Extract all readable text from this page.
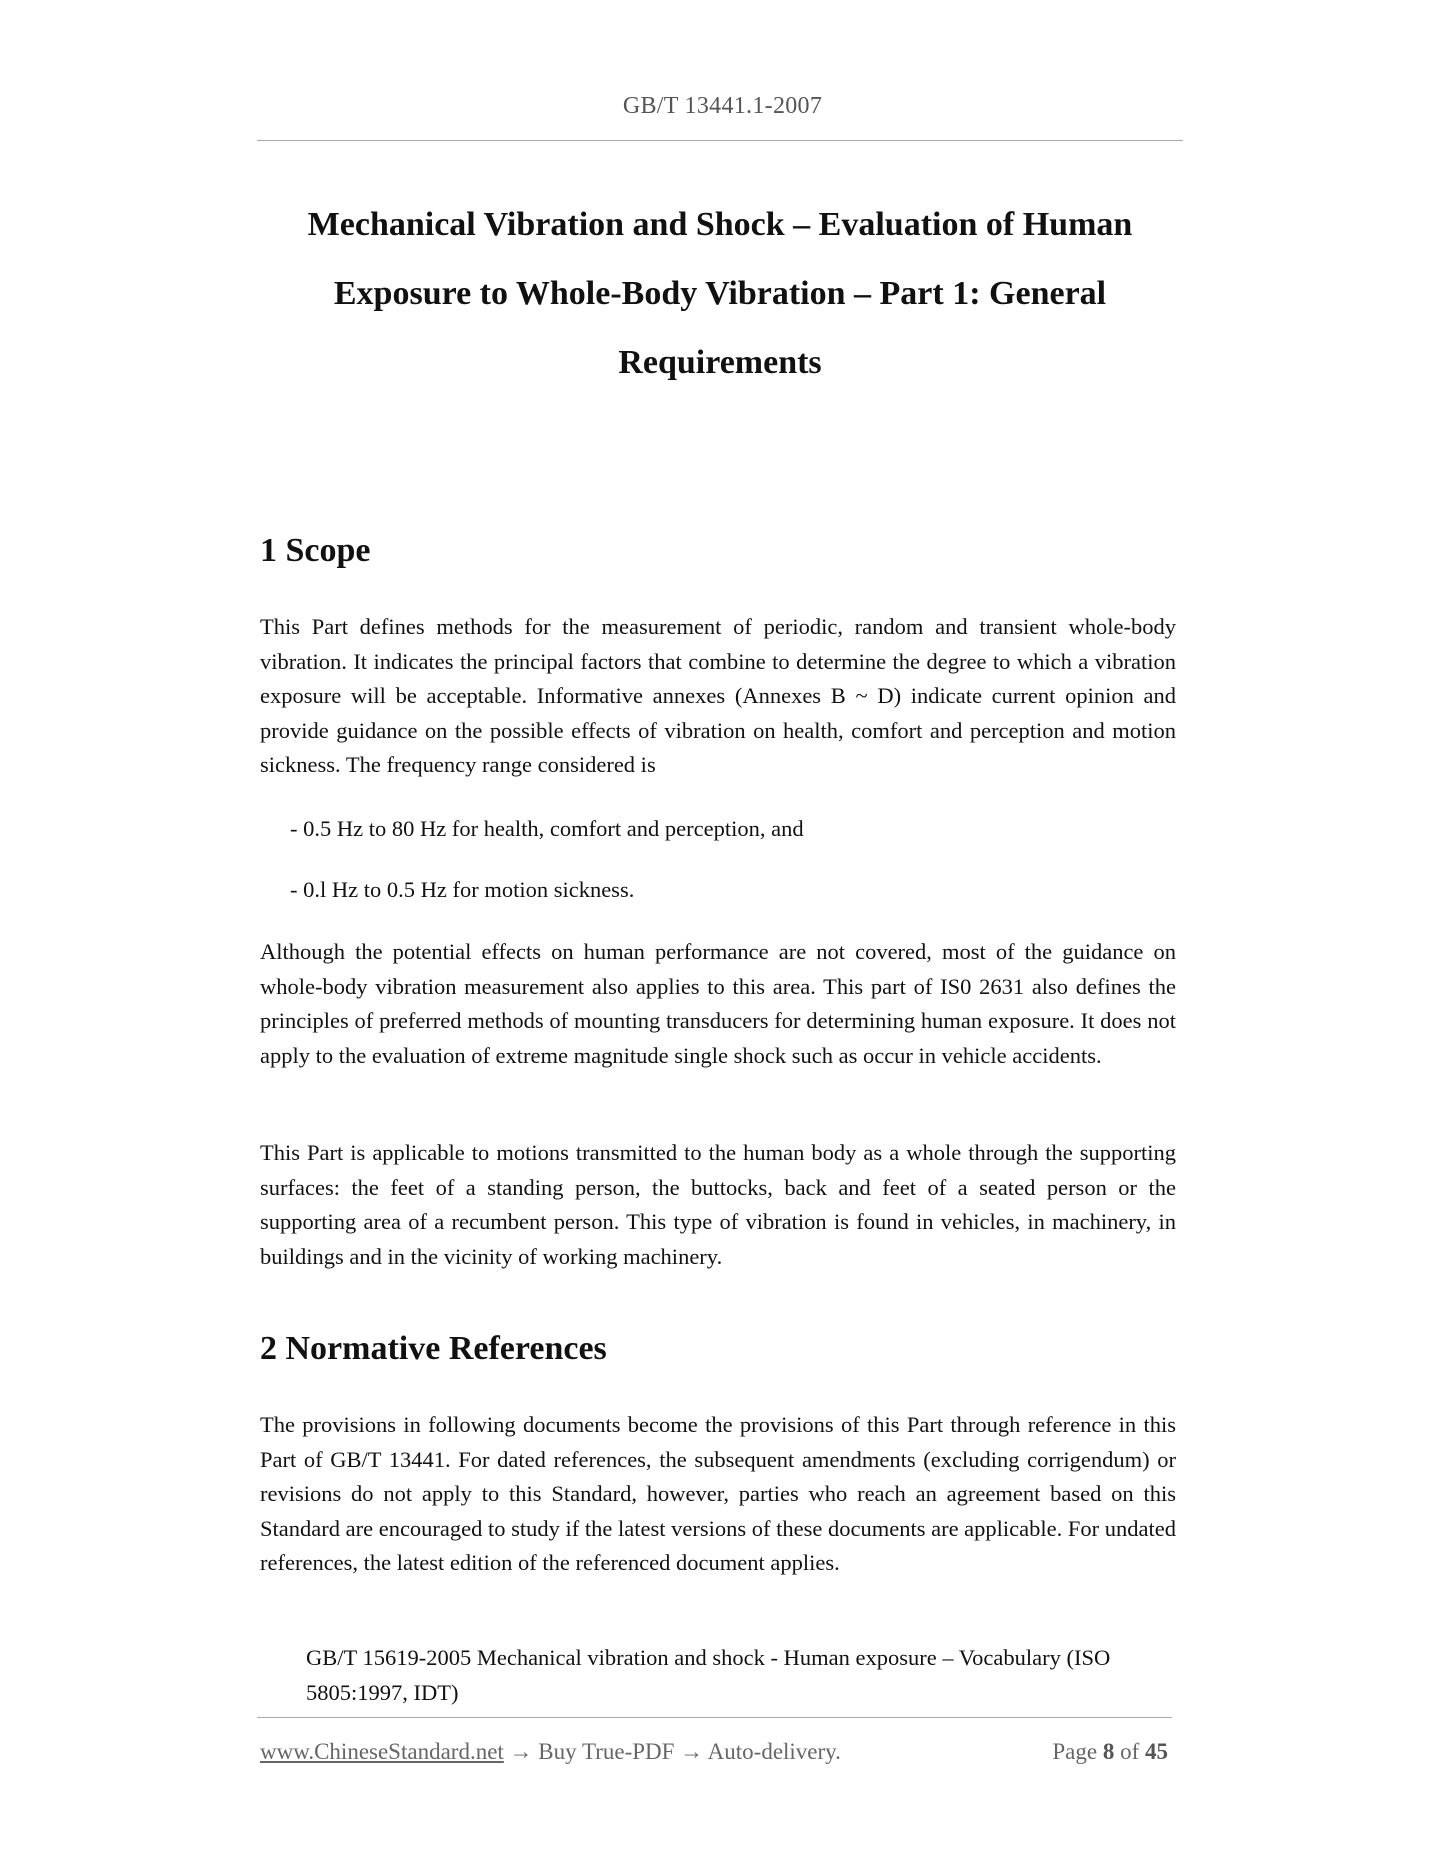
GB/T 13441.1-2007
Mechanical Vibration and Shock – Evaluation of Human
Exposure to Whole-Body Vibration – Part 1: General
Requirements
1 Scope

This Part defines methods for the measurement of periodic, random and transient whole-body vibration. It indicates the principal factors that combine to determine the degree to which a vibration exposure will be acceptable. Informative annexes (Annexes B ~ D) indicate current opinion and provide guidance on the possible effects of vibration on health, comfort and perception and motion sickness. The frequency range considered is

- 0.5 Hz to 80 Hz for health, comfort and perception, and

- 0.l Hz to 0.5 Hz for motion sickness.

Although the potential effects on human performance are not covered, most of the guidance on whole-body vibration measurement also applies to this area. This part of IS0 2631 also defines the principles of preferred methods of mounting transducers for determining human exposure. It does not apply to the evaluation of extreme magnitude single shock such as occur in vehicle accidents.

This Part is applicable to motions transmitted to the human body as a whole through the supporting surfaces: the feet of a standing person, the buttocks, back and feet of a seated person or the supporting area of a recumbent person. This type of vibration is found in vehicles, in machinery, in buildings and in the vicinity of working machinery.

2 Normative References

The provisions in following documents become the provisions of this Part through reference in this Part of GB/T 13441. For dated references, the subsequent amendments (excluding corrigendum) or revisions do not apply to this Standard, however, parties who reach an agreement based on this Standard are encouraged to study if the latest versions of these documents are applicable. For undated references, the latest edition of the referenced document applies.

GB/T 15619-2005 Mechanical vibration and shock - Human exposure – Vocabulary (ISO 5805:1997, IDT)

www.ChineseStandard.net → Buy True-PDF → Auto-delivery.	Page 8 of 45
